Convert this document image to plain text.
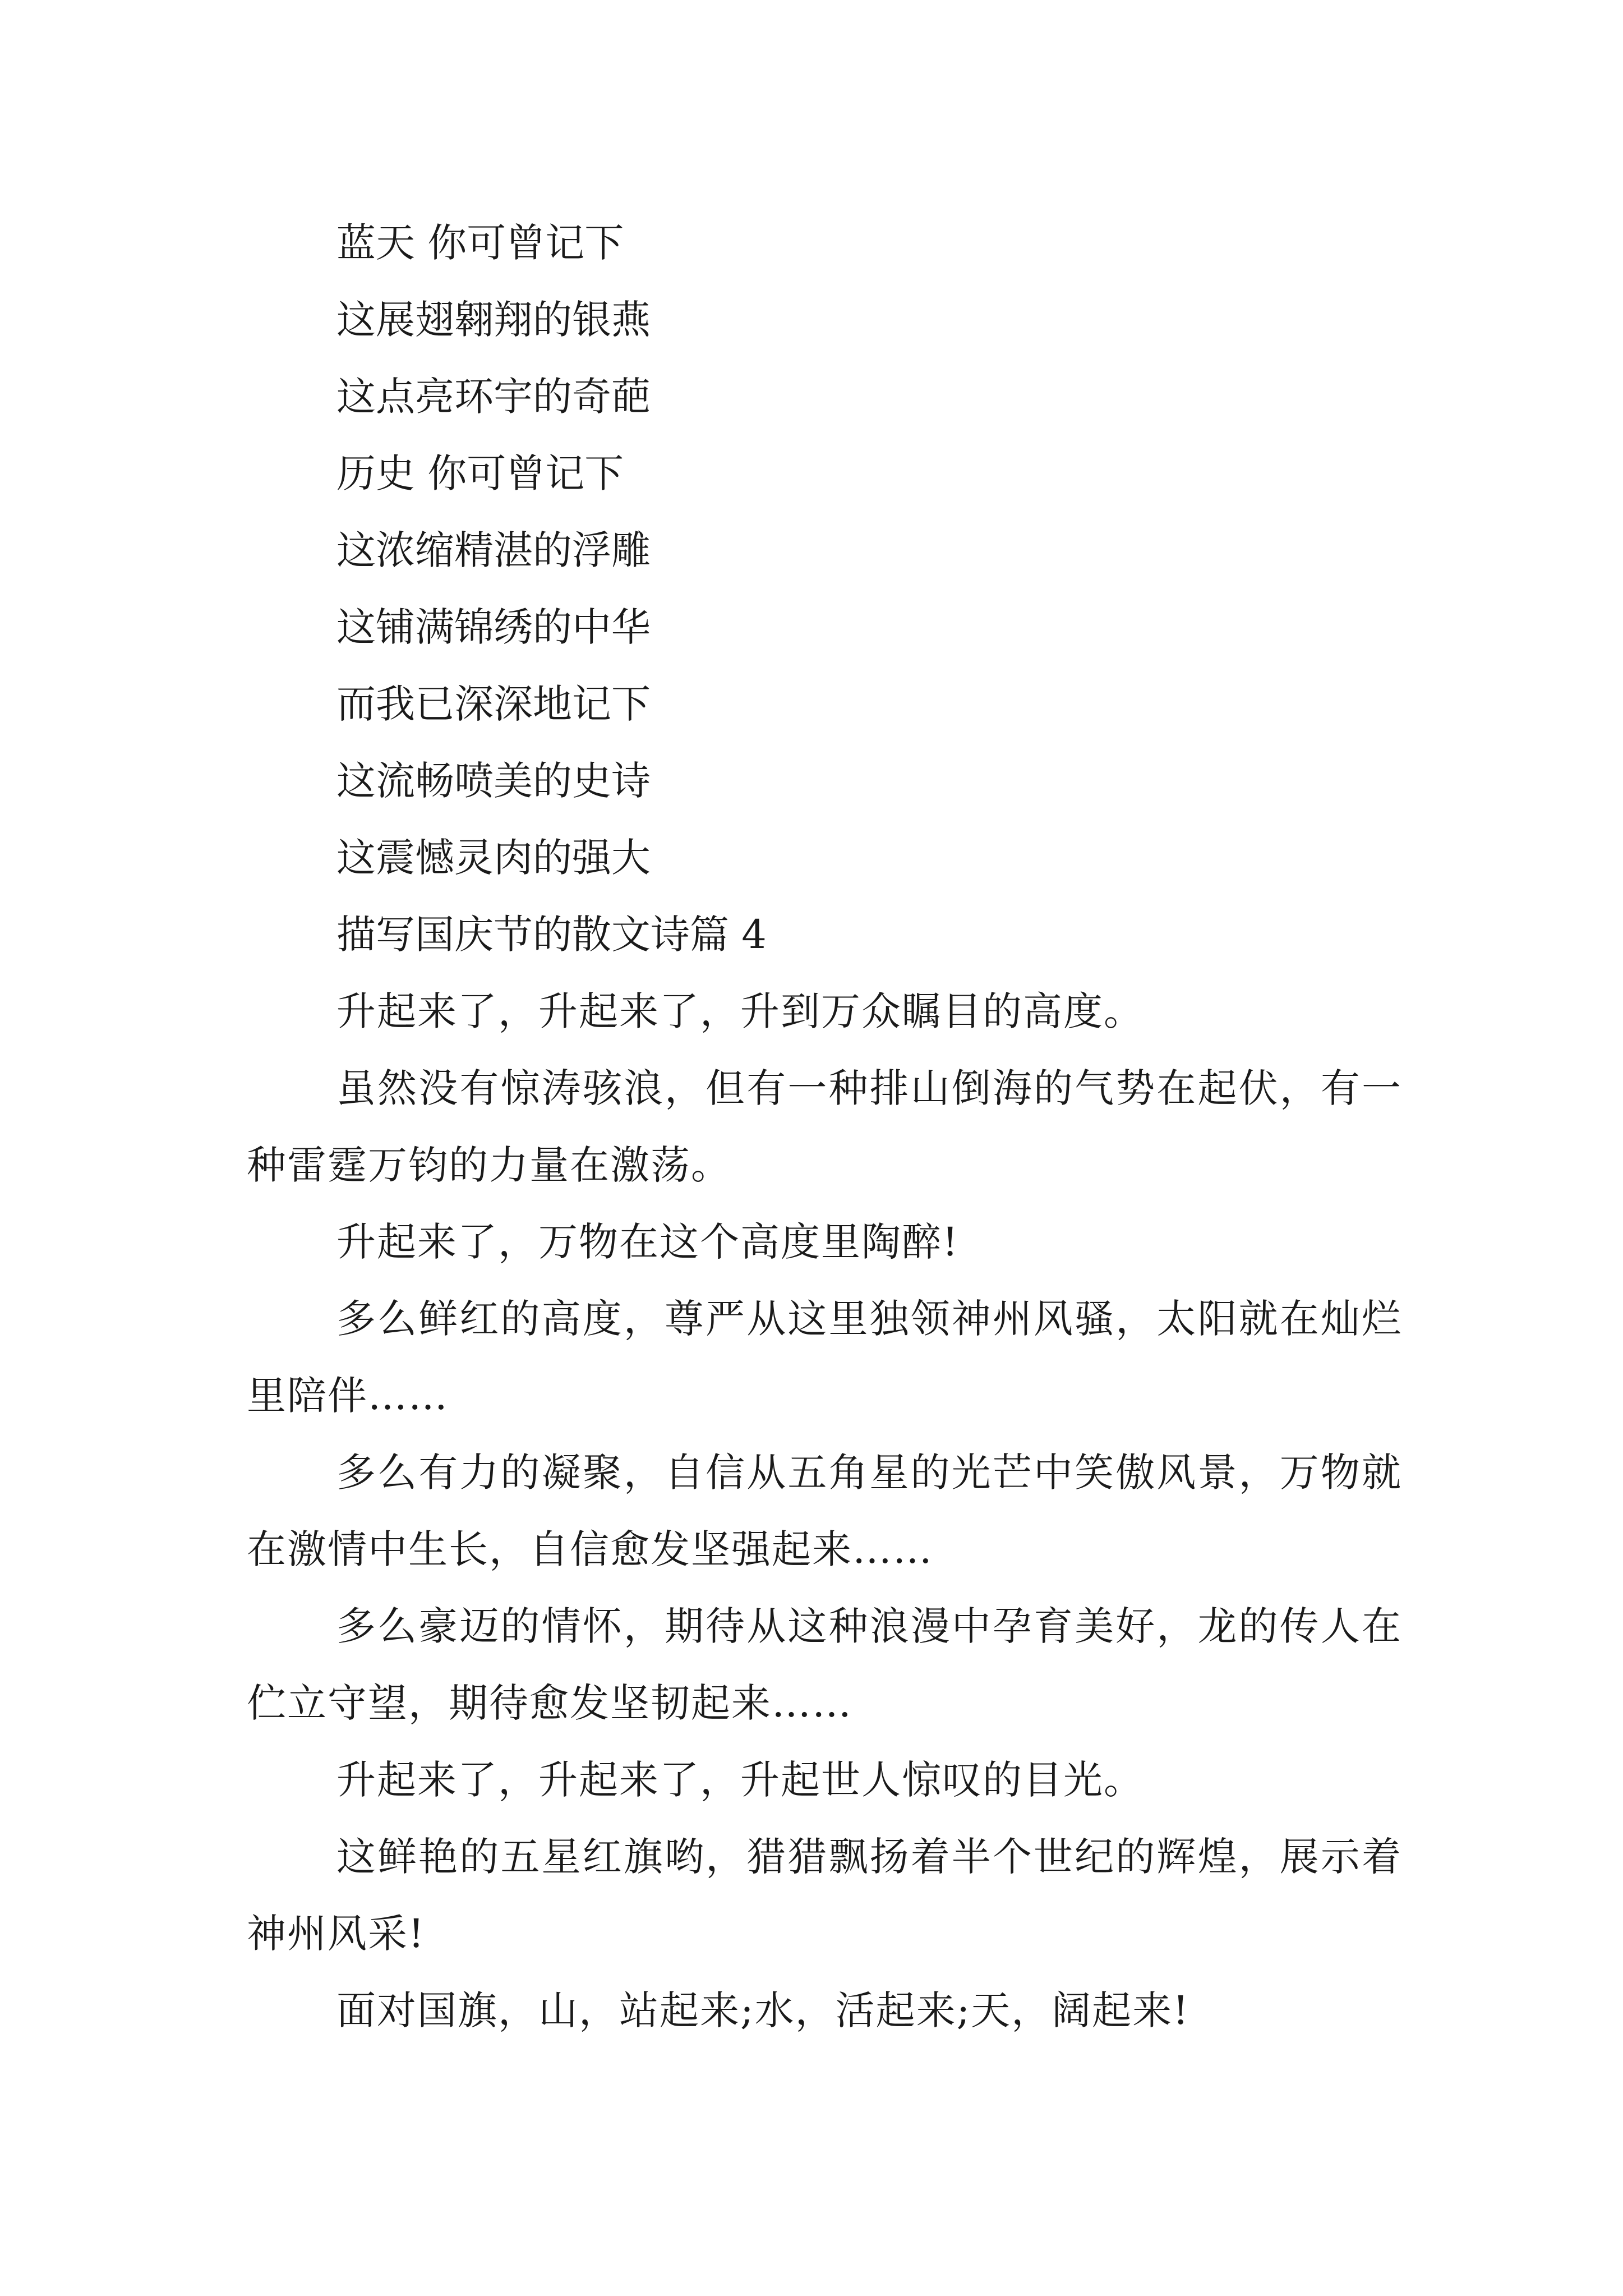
蓝天 你可曾记下

这展翅翱翔的银燕

这点亮环宇的奇葩

历史 你可曾记下

这浓缩精湛的浮雕

这铺满锦绣的中华

而我已深深地记下

这流畅喷美的史诗

这震憾灵肉的强大

描写国庆节的散文诗篇 4

升起来了，升起来了，升到万众瞩目的高度。

虽然没有惊涛骇浪，但有一种排山倒海的气势在起伏，有一种雷霆万钧的力量在激荡。

升起来了，万物在这个高度里陶醉!

多么鲜红的高度，尊严从这里独领神州风骚，太阳就在灿烂里陪伴……

多么有力的凝聚，自信从五角星的光芒中笑傲风景，万物就在激情中生长，自信愈发坚强起来……

多么豪迈的情怀，期待从这种浪漫中孕育美好，龙的传人在伫立守望，期待愈发坚韧起来……

升起来了，升起来了，升起世人惊叹的目光。

这鲜艳的五星红旗哟，猎猎飘扬着半个世纪的辉煌，展示着神州风采!

面对国旗，山，站起来;水，活起来;天，阔起来!
